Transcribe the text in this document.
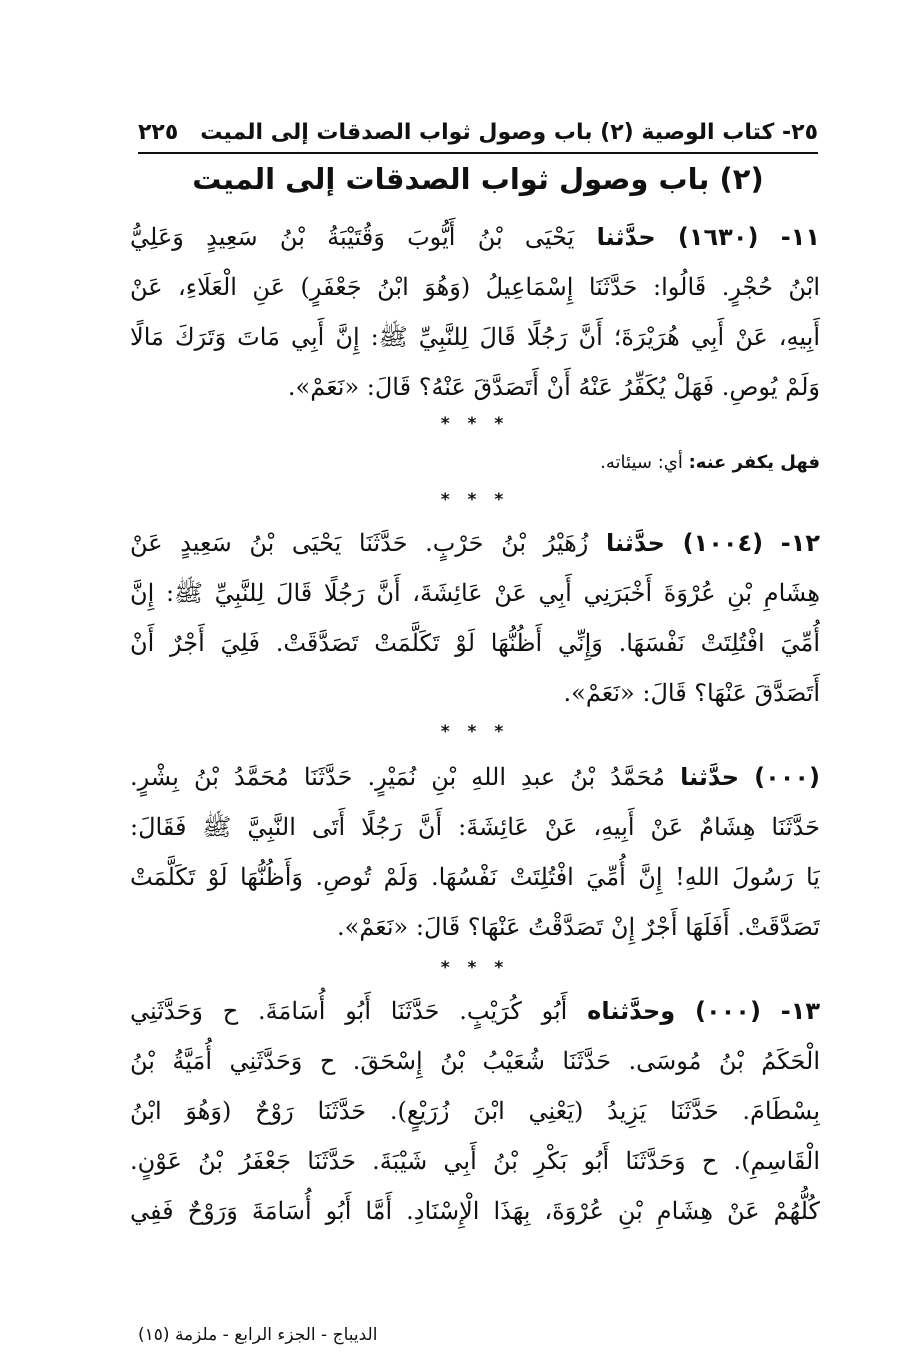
٢٢٥ ٢٥- كتاب الوصية (٢) باب وصول ثواب الصدقات إلى الميت
(٢) باب وصول ثواب الصدقات إلى الميت
١١- (١٦٣٠) حدَّثنا يَحْيَى بْنُ أَيُّوبَ وَقُتَيْبَةُ بْنُ سَعِيدٍ وَعَلِيُّ
ابْنُ حُجْرٍ. قَالُوا: حَدَّثَنَا إِسْمَاعِيلُ (وَهُوَ ابْنُ جَعْفَرٍ) عَنِ الْعَلَاءِ، عَنْ
أَبِيهِ، عَنْ أَبِي هُرَيْرَةَ؛ أَنَّ رَجُلًا قَالَ لِلنَّبِيِّ ﷺ: إِنَّ أَبِي مَاتَ وَتَرَكَ مَالًا
وَلَمْ يُوصِ. فَهَلْ يُكَفِّرُ عَنْهُ أَنْ أَتَصَدَّقَ عَنْهُ؟ قَالَ: «نَعَمْ».
* * *
فهل يكفر عنه: أي: سيئاته.
* * *
١٢- (١٠٠٤) حدَّثنا زُهَيْرُ بْنُ حَرْبٍ. حَدَّثَنَا يَحْيَى بْنُ سَعِيدٍ عَنْ
هِشَامِ بْنِ عُرْوَةَ أَخْبَرَنِي أَبِي عَنْ عَائِشَةَ، أَنَّ رَجُلًا قَالَ لِلنَّبِيِّ ﷺ: إِنَّ
أُمِّيَ افْتُلِتَتْ نَفْسَهَا. وَإِنِّي أَظُنُّهَا لَوْ تَكَلَّمَتْ تَصَدَّقَتْ. فَلِيَ أَجْرٌ أَنْ
أَتَصَدَّقَ عَنْهَا؟ قَالَ: «نَعَمْ».
* * *
(٠٠٠) حدَّثنا مُحَمَّدُ بْنُ عبدِ اللهِ بْنِ نُمَيْرٍ. حَدَّثَنَا مُحَمَّدُ بْنُ بِشْرٍ.
حَدَّثَنَا هِشَامٌ عَنْ أَبِيهِ، عَنْ عَائِشَةَ: أَنَّ رَجُلًا أَتَى النَّبِيَّ ﷺ فَقَالَ:
يَا رَسُولَ اللهِ! إِنَّ أُمِّيَ افْتُلِتَتْ نَفْسُهَا. وَلَمْ تُوصِ. وَأَظُنُّهَا لَوْ تَكَلَّمَتْ
تَصَدَّقَتْ. أَفَلَهَا أَجْرٌ إِنْ تَصَدَّقْتُ عَنْهَا؟ قَالَ: «نَعَمْ».
* * *
١٣- (٠٠٠) وحدَّثناه أَبُو كُرَيْبٍ. حَدَّثَنَا أَبُو أُسَامَةَ. ح وَحَدَّثَنِي
الْحَكَمُ بْنُ مُوسَى. حَدَّثَنَا شُعَيْبُ بْنُ إِسْحَقَ. ح وَحَدَّثَنِي أُمَيَّةُ بْنُ
بِسْطَامَ. حَدَّثَنَا يَزِيدُ (يَعْنِي ابْنَ زُرَيْعٍ). حَدَّثَنَا رَوْحٌ (وَهُوَ ابْنُ
الْقَاسِمِ). ح وَحَدَّثَنَا أَبُو بَكْرِ بْنُ أَبِي شَيْبَةَ. حَدَّثَنَا جَعْفَرُ بْنُ عَوْنٍ.
كُلُّهُمْ عَنْ هِشَامِ بْنِ عُرْوَةَ، بِهَذَا الْإِسْنَادِ. أَمَّا أَبُو أُسَامَةَ وَرَوْحٌ فَفِي
الديباج - الجزء الرابع - ملزمة (١٥)
